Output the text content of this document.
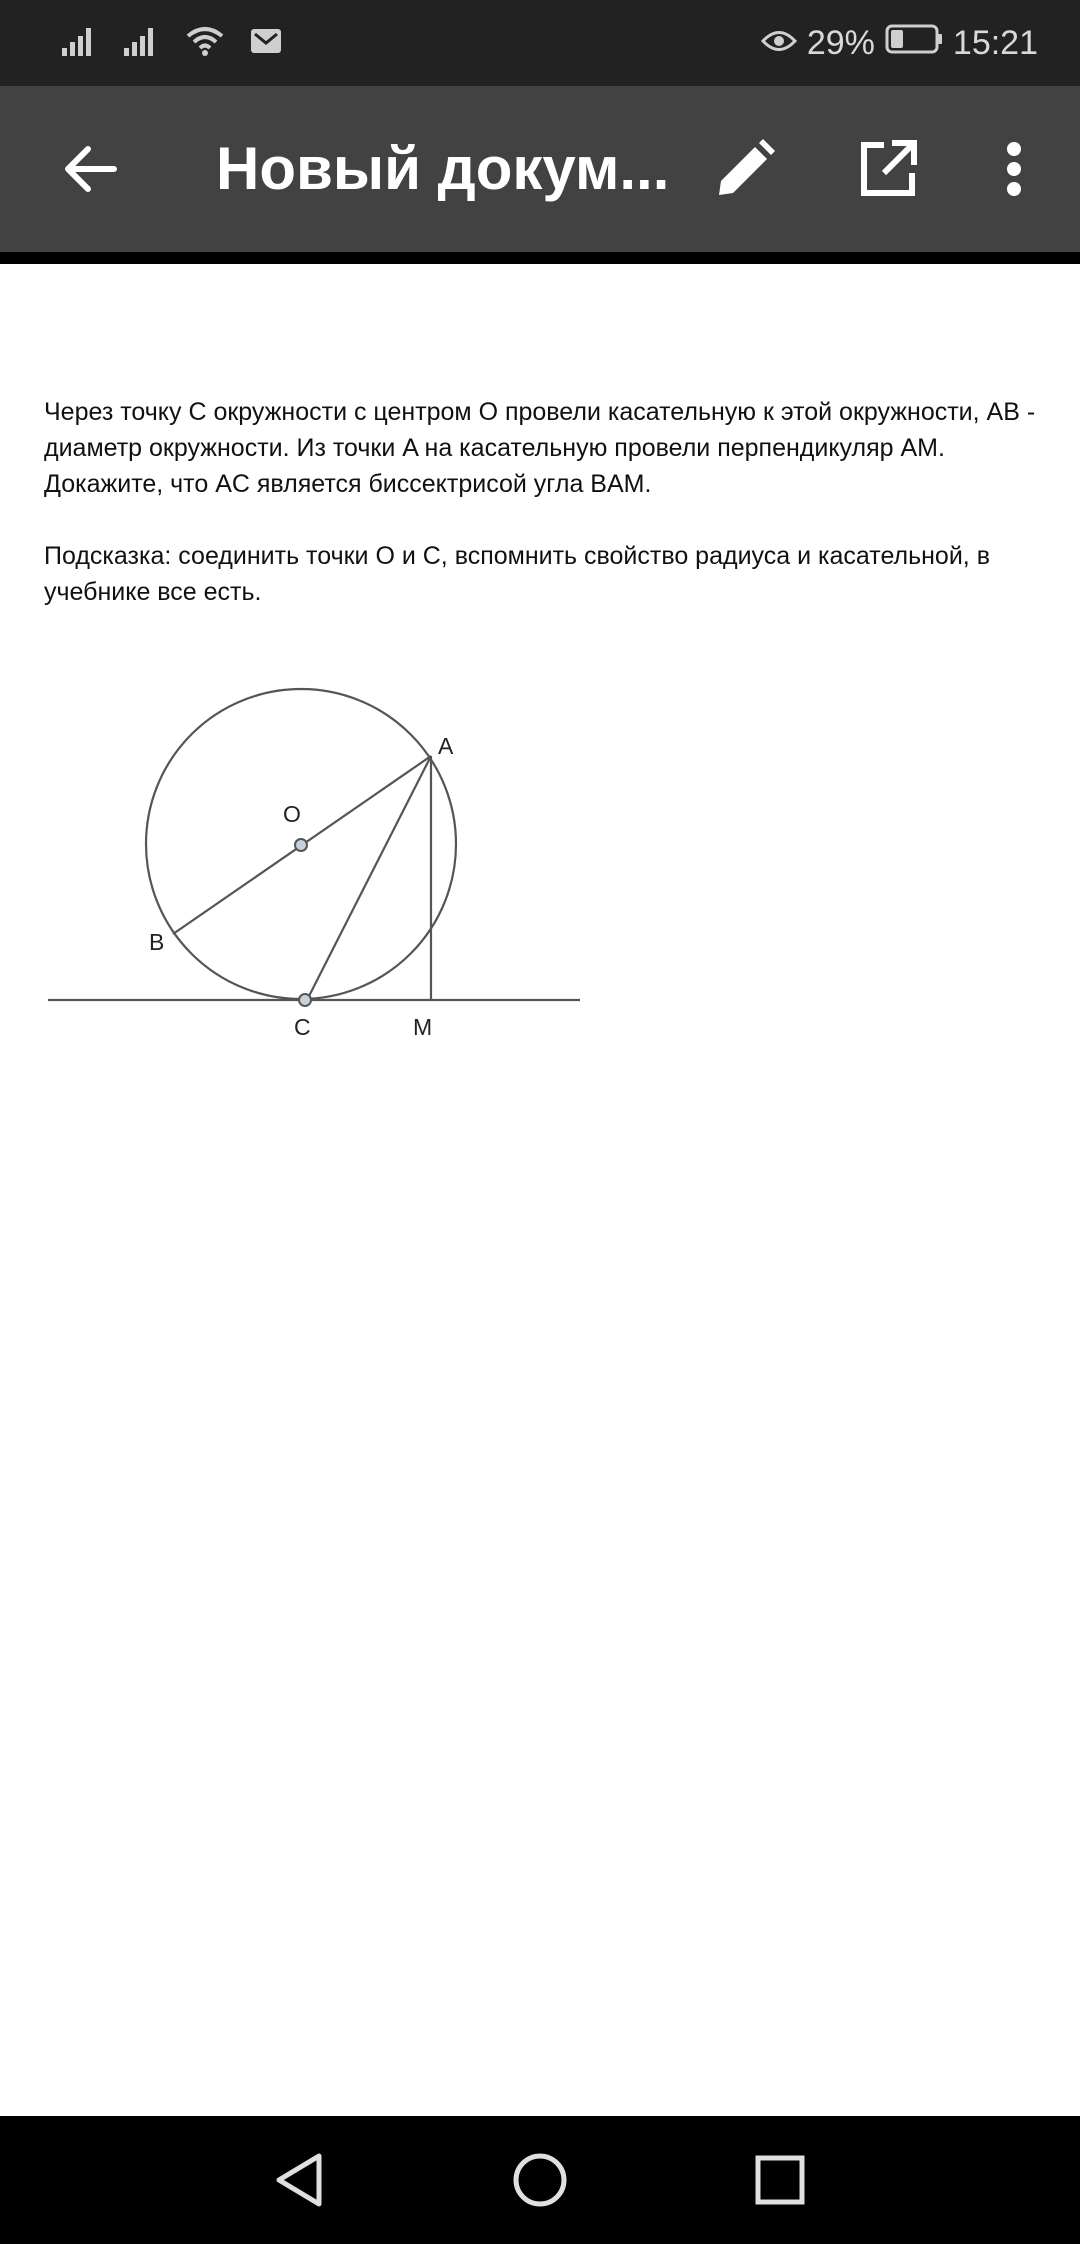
29% 15:21
Новый докум...
Через точку C окружности с центром O провели касательную к этой окружности, AB -
диаметр окружности. Из точки A на касательную провели перпендикуляр AM.
Докажите, что AC является биссектрисой угла BAM.
Подсказка: соединить точки O и C, вспомнить свойство радиуса и касательной, в
учебнике все есть.
A
O
B
C	M
